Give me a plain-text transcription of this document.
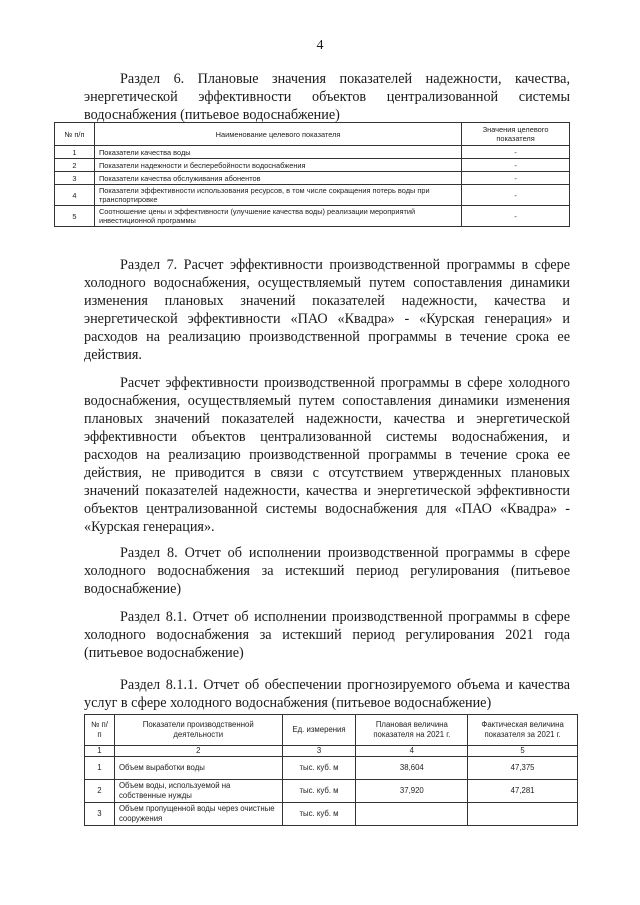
4

Раздел 6. Плановые значения показателей надежности, качества, энергетической эффективности объектов централизованной системы водоснабжения (питьевое водоснабжение)

№ п/п	Наименование целевого показателя	Значения целевого показателя
1	Показатели качества воды	-
2	Показатели надежности и бесперебойности водоснабжения	-
3	Показатели качества обслуживания абонентов	-
4	Показатели эффективности использования ресурсов, в том числе сокращения потерь воды при транспортировке	-
5	Соотношение цены и эффективности (улучшение качества воды) реализации мероприятий инвестиционной программы	-

Раздел 7. Расчет эффективности производственной программы в сфере холодного водоснабжения, осуществляемый путем сопоставления динамики изменения плановых значений показателей надежности, качества и энергетической эффективности «ПАО «Квадра» - «Курская генерация» и расходов на реализацию производственной программы в течение срока ее действия.

Расчет эффективности производственной программы в сфере холодного водоснабжения, осуществляемый путем сопоставления динамики изменения плановых значений показателей надежности, качества и энергетической эффективности объектов централизованной системы водоснабжения, и расходов на реализацию производственной программы в течение срока ее действия, не приводится в связи с отсутствием утвержденных плановых значений показателей надежности, качества и энергетической эффективности объектов централизованной системы водоснабжения для «ПАО «Квадра» - «Курская генерация».

Раздел 8. Отчет об исполнении производственной программы в сфере холодного водоснабжения за истекший период регулирования (питьевое водоснабжение)

Раздел 8.1. Отчет об исполнении производственной программы в сфере холодного водоснабжения за истекший период регулирования 2021 года (питьевое водоснабжение)

Раздел 8.1.1. Отчет об обеспечении прогнозируемого объема и качества услуг в сфере холодного водоснабжения (питьевое водоснабжение)

№ п/п	Показатели производственной деятельности	Ед. измерения	Плановая величина показателя на 2021 г.	Фактическая величина показателя за 2021 г.
1	2	3	4	5
1	Объем выработки воды	тыс. куб. м	38,604	47,375
2	Объем воды, используемой на собственные нужды	тыс. куб. м	37,920	47,281
3	Объем пропущенной воды через очистные сооружения	тыс. куб. м		
